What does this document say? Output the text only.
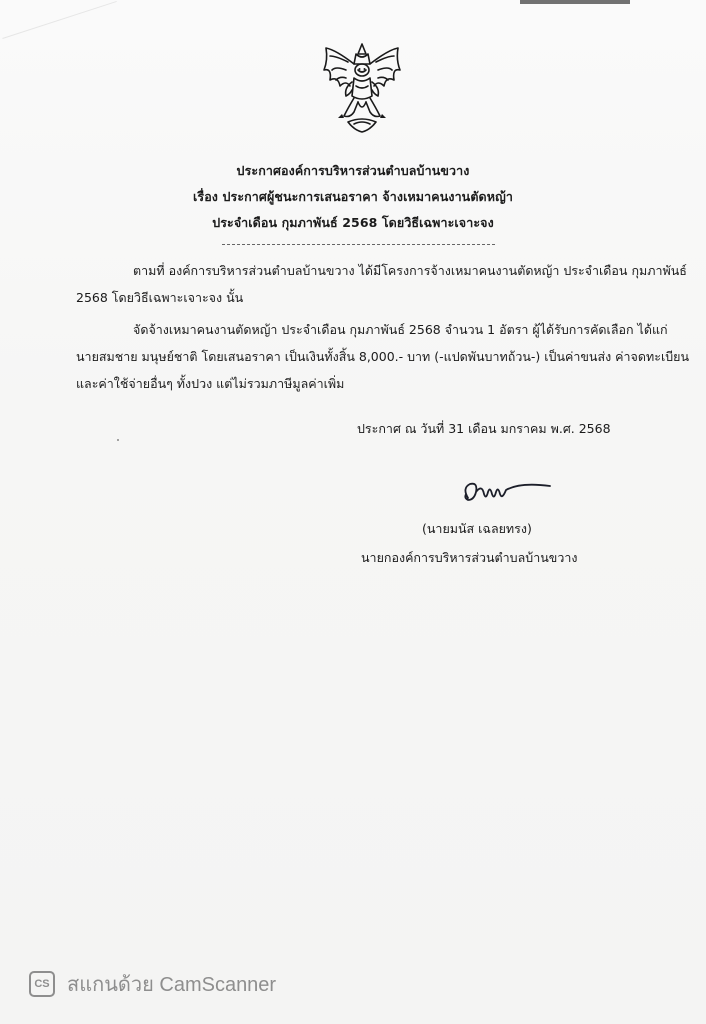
ประกาศองค์การบริหารส่วนตำบลบ้านขวาง
เรื่อง ประกาศผู้ชนะการเสนอราคา จ้างเหมาคนงานตัดหญ้า
ประจำเดือน กุมภาพันธ์ 2568 โดยวิธีเฉพาะเจาะจง
ตามที่ องค์การบริหารส่วนตำบลบ้านขวาง ได้มีโครงการจ้างเหมาคนงานตัดหญ้า ประจำเดือน กุมภาพันธ์
2568 โดยวิธีเฉพาะเจาะจง นั้น
จัดจ้างเหมาคนงานตัดหญ้า ประจำเดือน กุมภาพันธ์ 2568 จำนวน 1 อัตรา ผู้ได้รับการคัดเลือก ได้แก่
นายสมชาย มนุษย์ชาติ โดยเสนอราคา เป็นเงินทั้งสิ้น 8,000.- บาท (-แปดพันบาทถ้วน-) เป็นค่าขนส่ง ค่าจดทะเบียน
และค่าใช้จ่ายอื่นๆ ทั้งปวง แต่ไม่รวมภาษีมูลค่าเพิ่ม
ประกาศ ณ วันที่ 31 เดือน มกราคม พ.ศ. 2568
(นายมนัส เฉลยทรง)
นายกองค์การบริหารส่วนตำบลบ้านขวาง
CS สแกนด้วย CamScanner
